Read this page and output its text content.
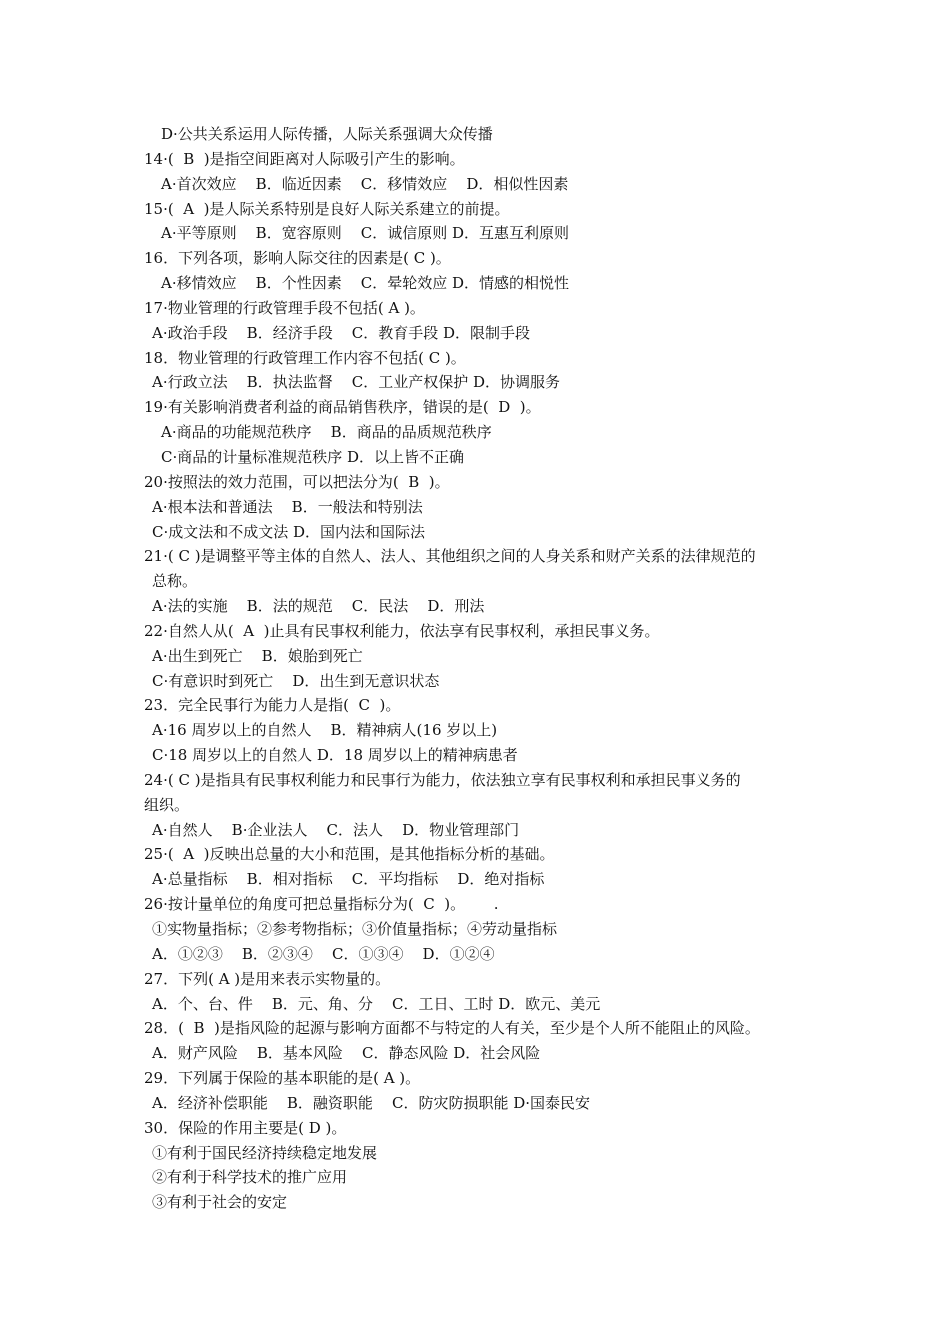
D·公共关系运用人际传播，人际关系强调大众传播
14·(  B  )是指空间距离对人际吸引产生的影响。
A·首次效应    B．临近因素    C．移情效应    D．相似性因素
15·(  A  )是人际关系特别是良好人际关系建立的前提。
A·平等原则    B．宽容原则    C．诚信原则 D．互惠互利原则
16．下列各项，影响人际交往的因素是( C )。
A·移情效应    B．个性因素    C．晕轮效应 D．情感的相悦性
17·物业管理的行政管理手段不包括( A )。
A·政治手段    B．经济手段    C．教育手段 D．限制手段
18．物业管理的行政管理工作内容不包括( C )。
A·行政立法    B．执法监督    C．工业产权保护 D．协调服务
19·有关影响消费者利益的商品销售秩序，错误的是(  D  )。
A·商品的功能规范秩序    B．商品的品质规范秩序
C·商品的计量标准规范秩序 D．以上皆不正确
20·按照法的效力范围，可以把法分为(  B  )。
A·根本法和普通法    B．一般法和特别法
C·成文法和不成文法 D．国内法和国际法
21·( C )是调整平等主体的自然人、法人、其他组织之间的人身关系和财产关系的法律规范的
总称。
A·法的实施    B．法的规范    C．民法    D．刑法
22·自然人从(  A  )止具有民事权利能力，依法享有民事权利，承担民事义务。
A·出生到死亡    B．娘胎到死亡
C·有意识时到死亡    D．出生到无意识状态
23．完全民事行为能力人是指(  C  )。
A·16 周岁以上的自然人    B．精神病人(16 岁以上)
C·18 周岁以上的自然人 D．18 周岁以上的精神病患者
24·( C )是指具有民事权利能力和民事行为能力，依法独立享有民事权利和承担民事义务的
组织。
A·自然人    B·企业法人    C．法人    D．物业管理部门
25·(  A  )反映出总量的大小和范围，是其他指标分析的基础。
A·总量指标    B．相对指标    C．平均指标    D．绝对指标
26·按计量单位的角度可把总量指标分为(  C  )。      .
①实物量指标；②参考物指标；③价值量指标；④劳动量指标
A．①②③    B．②③④    C．①③④    D．①②④
27．下列( A )是用来表示实物量的。
A．个、台、件    B．元、角、分    C．工日、工时 D．欧元、美元
28．(  B  )是指风险的起源与影响方面都不与特定的人有关，至少是个人所不能阻止的风险。
A．财产风险    B．基本风险    C．静态风险 D．社会风险
29．下列属于保险的基本职能的是( A )。
A．经济补偿职能    B．融资职能    C．防灾防损职能 D·国泰民安
30．保险的作用主要是( D )。
①有利于国民经济持续稳定地发展
②有利于科学技术的推广应用
③有利于社会的安定
